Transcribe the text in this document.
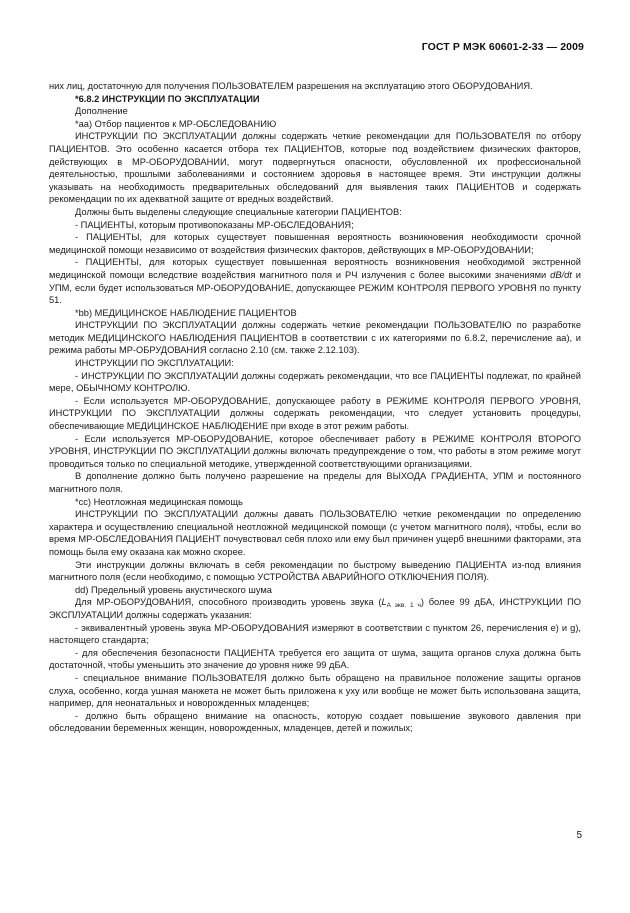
ГОСТ Р МЭК 60601-2-33 — 2009

них лиц, достаточную для получения ПОЛЬЗОВАТЕЛЕМ разрешения на эксплуатацию этого ОБОРУДОВАНИЯ.

*6.8.2 ИНСТРУКЦИИ ПО ЭКСПЛУАТАЦИИ

Дополнение

*aa) Отбор пациентов к МР-ОБСЛЕДОВАНИЮ

ИНСТРУКЦИИ ПО ЭКСПЛУАТАЦИИ должны содержать четкие рекомендации для ПОЛЬЗОВАТЕЛЯ по отбору ПАЦИЕНТОВ. Это особенно касается отбора тех ПАЦИЕНТОВ, которые под воздействием физических факторов, действующих в МР-ОБОРУДОВАНИИ, могут подвергнуться опасности, обусловленной их профессиональной деятельностью, прошлыми заболеваниями и состоянием здоровья в настоящее время. Эти инструкции должны указывать на необходимость предварительных обследований для выявления таких ПАЦИЕНТОВ и содержать рекомендации по их адекватной защите от вредных воздействий.

Должны быть выделены следующие специальные категории ПАЦИЕНТОВ:

- ПАЦИЕНТЫ, которым противопоказаны МР-ОБСЛЕДОВАНИЯ;

- ПАЦИЕНТЫ, для которых существует повышенная вероятность возникновения необходимости срочной медицинской помощи независимо от воздействия физических факторов, действующих в МР-ОБОРУДОВАНИИ;

- ПАЦИЕНТЫ, для которых существует повышенная вероятность возникновения необходимой экстренной медицинской помощи вследствие воздействия магнитного поля и РЧ излучения с более высокими значениями dB/dt и УПМ, если будет использоваться МР-ОБОРУДОВАНИЕ, допускающее РЕЖИМ КОНТРОЛЯ ПЕРВОГО УРОВНЯ по пункту 51.

*bb) МЕДИЦИНСКОЕ НАБЛЮДЕНИЕ ПАЦИЕНТОВ

ИНСТРУКЦИИ ПО ЭКСПЛУАТАЦИИ должны содержать четкие рекомендации ПОЛЬЗОВАТЕЛЮ по разработке методик МЕДИЦИНСКОГО НАБЛЮДЕНИЯ ПАЦИЕНТОВ в соответствии с их категориями по 6.8.2, перечисление aa), и режима работы МР-ОБРУДОВАНИЯ согласно 2.10 (см. также 2.12.103).

ИНСТРУКЦИИ ПО ЭКСПЛУАТАЦИИ:

- ИНСТРУКЦИИ ПО ЭКСПЛУАТАЦИИ должны содержать рекомендации, что все ПАЦИЕНТЫ подлежат, по крайней мере, ОБЫЧНОМУ КОНТРОЛЮ.

- Если используется МР-ОБОРУДОВАНИЕ, допускающее работу в РЕЖИМЕ КОНТРОЛЯ ПЕРВОГО УРОВНЯ, ИНСТРУКЦИИ ПО ЭКСПЛУАТАЦИИ должны содержать рекомендации, что следует установить процедуры, обеспечивающие МЕДИЦИНСКОЕ НАБЛЮДЕНИЕ при входе в этот режим работы.

- Если используется МР-ОБОРУДОВАНИЕ, которое обеспечивает работу в РЕЖИМЕ КОНТРОЛЯ ВТОРОГО УРОВНЯ, ИНСТРУКЦИИ ПО ЭКСПЛУАТАЦИИ должны включать предупреждение о том, что работы в этом режиме могут проводиться только по специальной методике, утвержденной соответствующими организациями.

В дополнение должно быть получено разрешение на пределы для ВЫХОДА ГРАДИЕНТА, УПМ и постоянного магнитного поля.

*cc) Неотложная медицинская помощь

ИНСТРУКЦИИ ПО ЭКСПЛУАТАЦИИ должны давать ПОЛЬЗОВАТЕЛЮ четкие рекомендации по определению характера и осуществлению специальной неотложной медицинской помощи (с учетом магнитного поля), чтобы, если во время МР-ОБСЛЕДОВАНИЯ ПАЦИЕНТ почувствовал себя плохо или ему был причинен ущерб внешними факторами, эта помощь была ему оказана как можно скорее.

Эти инструкции должны включать в себя рекомендации по быстрому выведению ПАЦИЕНТА из-под влияния магнитного поля (если необходимо, с помощью УСТРОЙСТВА АВАРИЙНОГО ОТКЛЮЧЕНИЯ ПОЛЯ).

dd) Предельный уровень акустического шума

Для МР-ОБОРУДОВАНИЯ, способного производить уровень звука $(L_{A экв. 1 ч})$ более 99 дБА, ИНСТРУКЦИИ ПО ЭКСПЛУАТАЦИИ должны содержать указания:

- эквивалентный уровень звука МР-ОБОРУДОВАНИЯ измеряют в соответствии с пунктом 26, перечисления e) и g), настоящего стандарта;

- для обеспечения безопасности ПАЦИЕНТА требуется его защита от шума, защита органов слуха должна быть достаточной, чтобы уменьшить это значение до уровня ниже 99 дБА.

- специальное внимание ПОЛЬЗОВАТЕЛЯ должно быть обращено на правильное положение защиты органов слуха, особенно, когда ушная манжета не может быть приложена к уху или вообще не может быть использована защита, например, для неонатальных и новорожденных младенцев;

- должно быть обращено внимание на опасность, которую создает повышение звукового давления при обследовании беременных женщин, новорожденных, младенцев, детей и пожилых;

5
